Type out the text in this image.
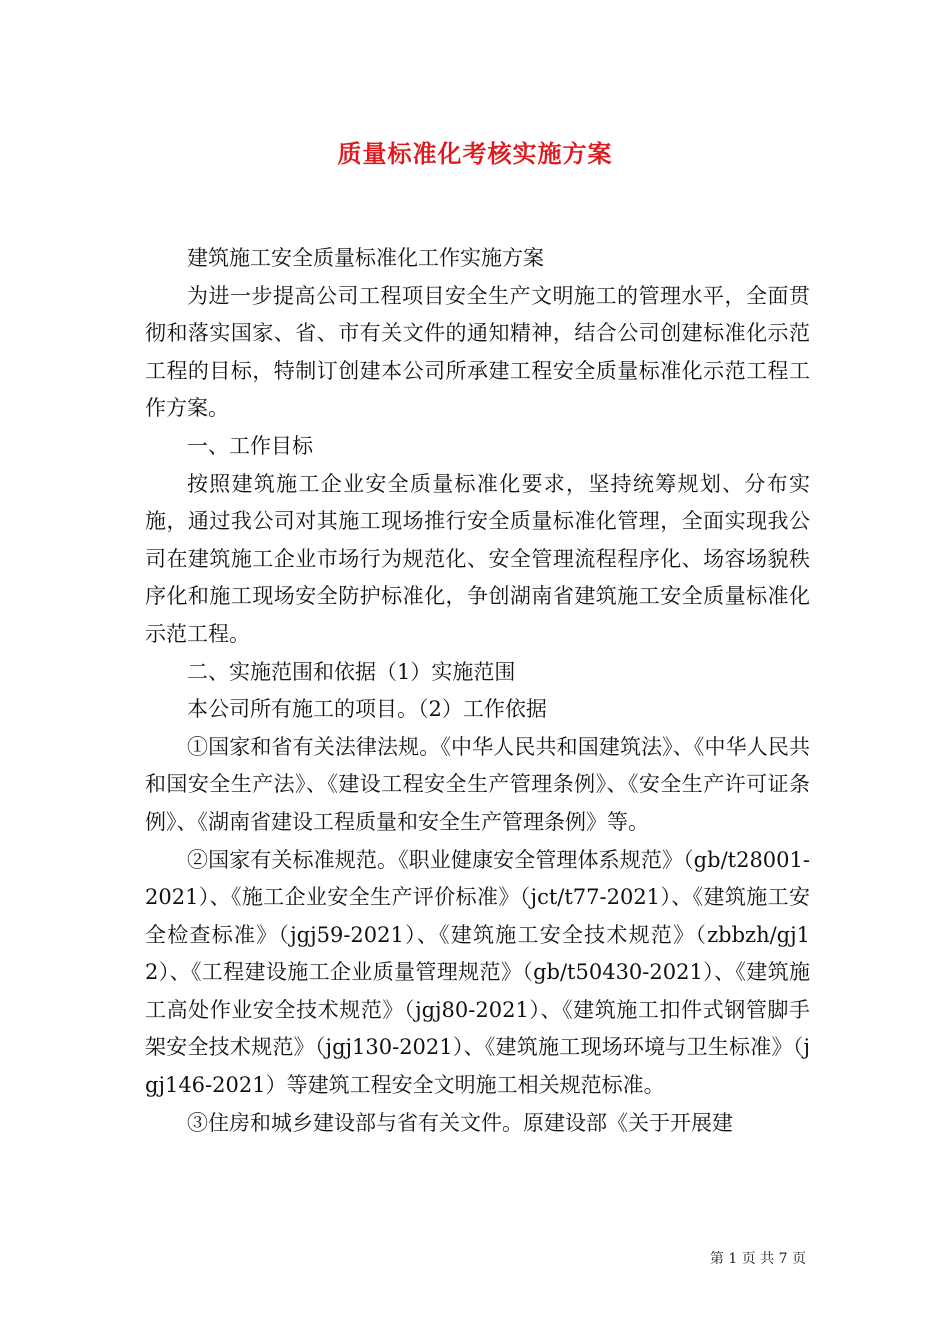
质量标准化考核实施方案

建筑施工安全质量标准化工作实施方案

为进一步提高公司工程项目安全生产文明施工的管理水平，全面贯彻和落实国家、省、市有关文件的通知精神，结合公司创建标准化示范工程的目标，特制订创建本公司所承建工程安全质量标准化示范工程工作方案。

一、工作目标

按照建筑施工企业安全质量标准化要求，坚持统筹规划、分布实施，通过我公司对其施工现场推行安全质量标准化管理，全面实现我公司在建筑施工企业市场行为规范化、安全管理流程程序化、场容场貌秩序化和施工现场安全防护标准化，争创湖南省建筑施工安全质量标准化示范工程。

二、实施范围和依据（1）实施范围

本公司所有施工的项目。（2）工作依据

①国家和省有关法律法规。《中华人民共和国建筑法》、《中华人民共和国安全生产法》、《建设工程安全生产管理条例》、《安全生产许可证条例》、《湖南省建设工程质量和安全生产管理条例》等。

②国家有关标准规范。《职业健康安全管理体系规范》（gb/t28001-2021）、《施工企业安全生产评价标准》（jct/t77-2021）、《建筑施工安全检查标准》（jgj59-2021）、《建筑施工安全技术规范》（zbbzh/gj12）、《工程建设施工企业质量管理规范》（gb/t50430-2021）、《建筑施工高处作业安全技术规范》（jgj80-2021）、《建筑施工扣件式钢管脚手架安全技术规范》（jgj130-2021）、《建筑施工现场环境与卫生标准》（jgj146-2021）等建筑工程安全文明施工相关规范标准。

③住房和城乡建设部与省有关文件。原建设部《关于开展建

第 1 页 共 7 页
